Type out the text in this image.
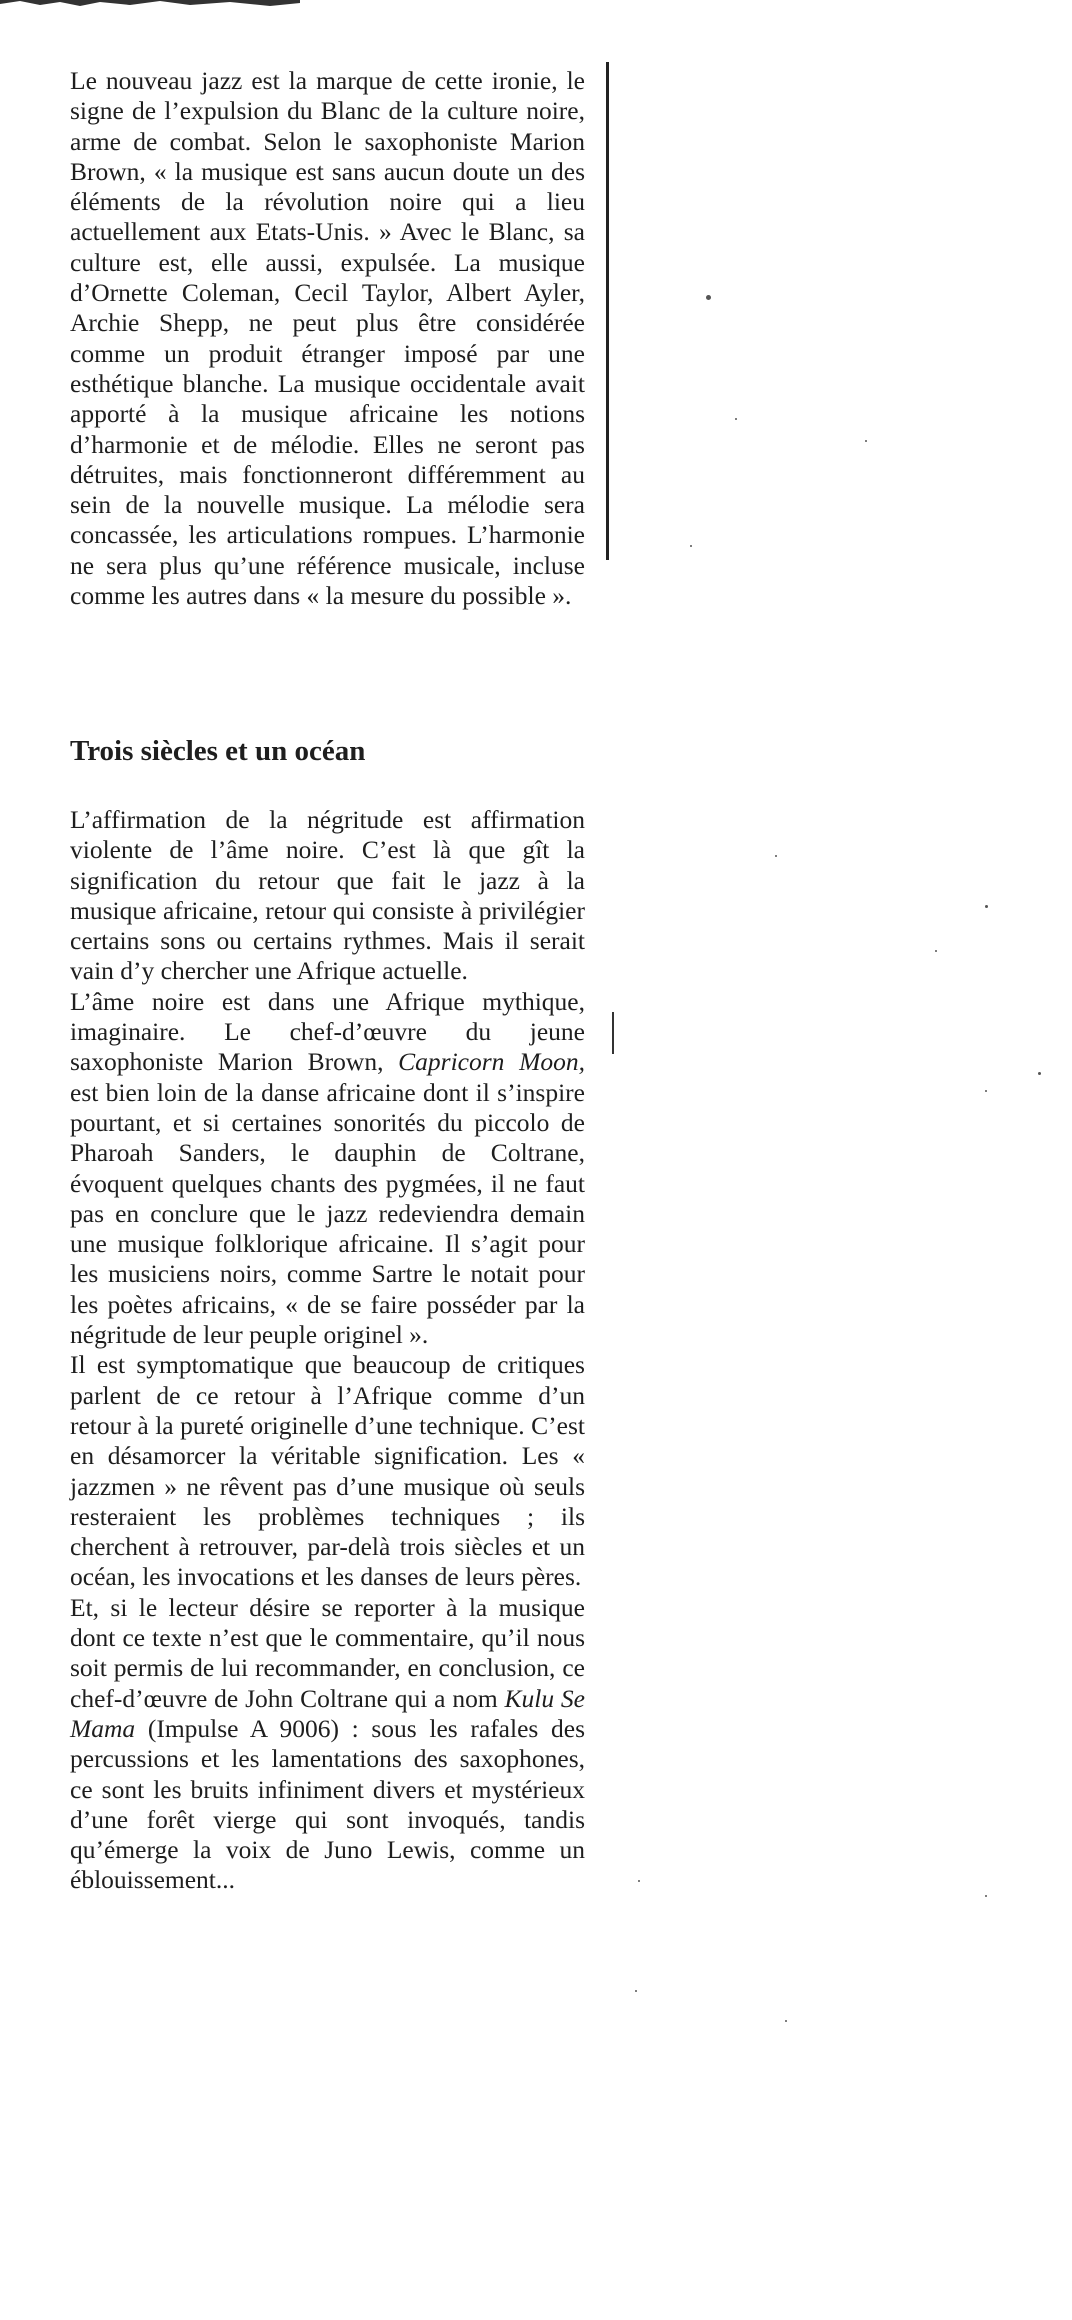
Le nouveau jazz est la marque de cette ironie, le signe de l’expulsion du Blanc de la culture noire, arme de combat. Selon le saxophoniste Marion Brown, « la musique est sans aucun doute un des éléments de la révolution noire qui a lieu actuellement aux Etats-Unis. » Avec le Blanc, sa culture est, elle aussi, expulsée. La musique d’Ornette Coleman, Cecil Taylor, Albert Ayler, Archie Shepp, ne peut plus être considérée comme un produit étranger imposé par une esthétique blanche. La musique occidentale avait apporté à la musique africaine les notions d’harmonie et de mélodie. Elles ne seront pas détruites, mais fonctionneront différemment au sein de la nouvelle musique. La mélodie sera concassée, les articulations rompues. L’harmonie ne sera plus qu’une référence musicale, incluse comme les autres dans « la mesure du possible ».

Trois siècles et un océan

L’affirmation de la négritude est affirmation violente de l’âme noire. C’est là que gît la signification du retour que fait le jazz à la musique africaine, retour qui consiste à privilégier certains sons ou certains rythmes. Mais il serait vain d’y chercher une Afrique actuelle.

L’âme noire est dans une Afrique mythique, imaginaire. Le chef-d’œuvre du jeune saxophoniste Marion Brown, Capricorn Moon, est bien loin de la danse africaine dont il s’inspire pourtant, et si certaines sonorités du piccolo de Pharoah Sanders, le dauphin de Coltrane, évoquent quelques chants des pygmées, il ne faut pas en conclure que le jazz redeviendra demain une musique folklorique africaine. Il s’agit pour les musiciens noirs, comme Sartre le notait pour les poètes africains, « de se faire posséder par la négritude de leur peuple originel ».

Il est symptomatique que beaucoup de critiques parlent de ce retour à l’Afrique comme d’un retour à la pureté originelle d’une technique. C’est en désamorcer la véritable signification. Les « jazzmen » ne rêvent pas d’une musique où seuls resteraient les problèmes techniques ; ils cherchent à retrouver, par-delà trois siècles et un océan, les invocations et les danses de leurs pères.

Et, si le lecteur désire se reporter à la musique dont ce texte n’est que le commentaire, qu’il nous soit permis de lui recommander, en conclusion, ce chef-d’œuvre de John Coltrane qui a nom Kulu Se Mama (Impulse A 9006) : sous les rafales des percussions et les lamentations des saxophones, ce sont les bruits infiniment divers et mystérieux d’une forêt vierge qui sont invoqués, tandis qu’émerge la voix de Juno Lewis, comme un éblouissement...
